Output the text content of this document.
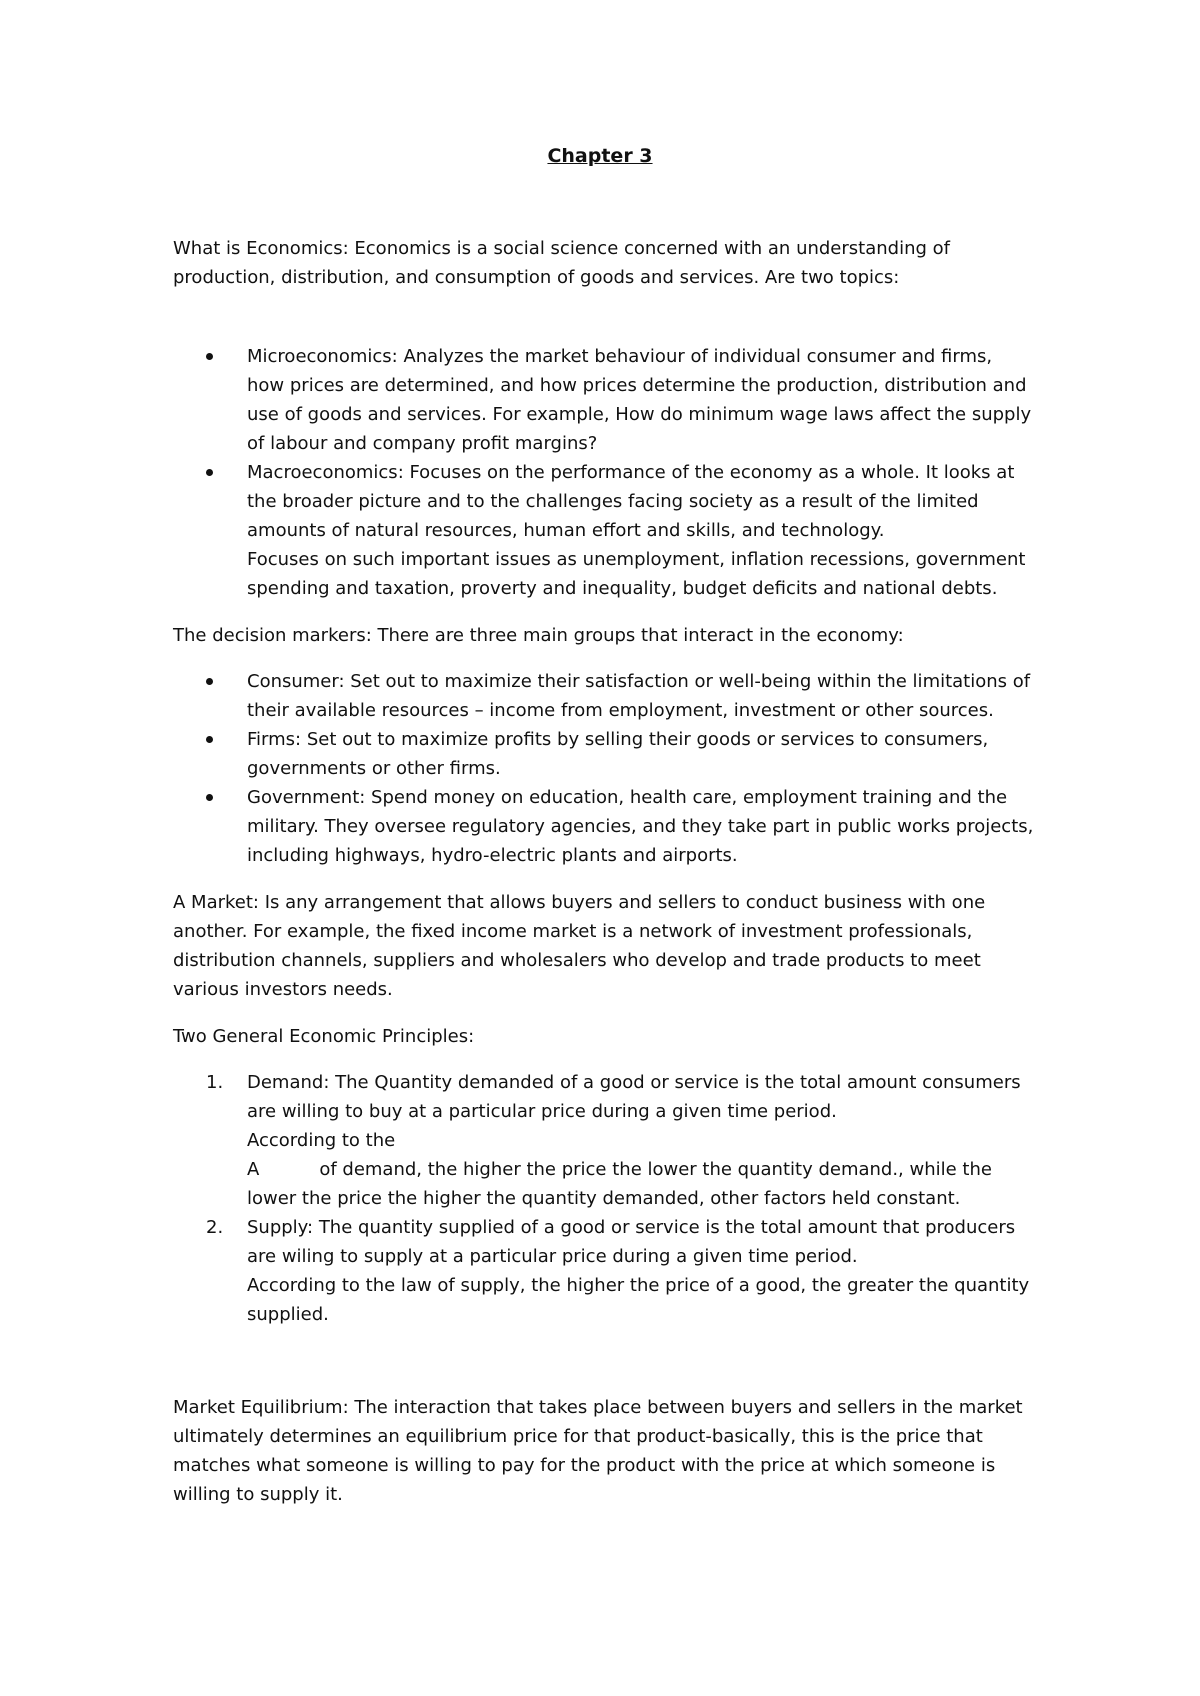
Chapter 3

What is Economics: Economics is a social science concerned with an understanding of

production, distribution, and consumption of goods and services. Are two topics:

Microeconomics: Analyzes the market behaviour of individual consumer and firms,
how prices are determined, and how prices determine the production, distribution and
use of goods and services. For example, How do minimum wage laws affect the supply
of labour and company profit margins?
Macroeconomics: Focuses on the performance of the economy as a whole. It looks at
the broader picture and to the challenges facing society as a result of the limited
amounts of natural resources, human effort and skills, and technology.
Focuses on such important issues as unemployment, inflation recessions, government
spending and taxation, proverty and inequality, budget deficits and national debts.

The decision markers: There are three main groups that interact in the economy:

Consumer: Set out to maximize their satisfaction or well-being within the limitations of
their available resources – income from employment, investment or other sources.
Firms: Set out to maximize profits by selling their goods or services to consumers,
governments or other firms.
Government: Spend money on education, health care, employment training and the
military. They oversee regulatory agencies, and they take part in public works projects,
including highways, hydro-electric plants and airports.

A Market: Is any arrangement that allows buyers and sellers to conduct business with one

another. For example, the fixed income market is a network of investment professionals,

distribution channels, suppliers and wholesalers who develop and trade products to meet

various investors needs.

Two General Economic Principles:

1. Demand: The Quantity demanded of a good or service is the total amount consumers
are willing to buy at a particular price during a given time period.
According to the
A	of demand, the higher the price the lower the quantity demand., while the
lower the price the higher the quantity demanded, other factors held constant.
2. Supply: The quantity supplied of a good or service is the total amount that producers
are wiling to supply at a particular price during a given time period.
According to the law of supply, the higher the price of a good, the greater the quantity
supplied.

Market Equilibrium: The interaction that takes place between buyers and sellers in the market

ultimately determines an equilibrium price for that product-basically, this is the price that

matches what someone is willing to pay for the product with the price at which someone is

willing to supply it.
